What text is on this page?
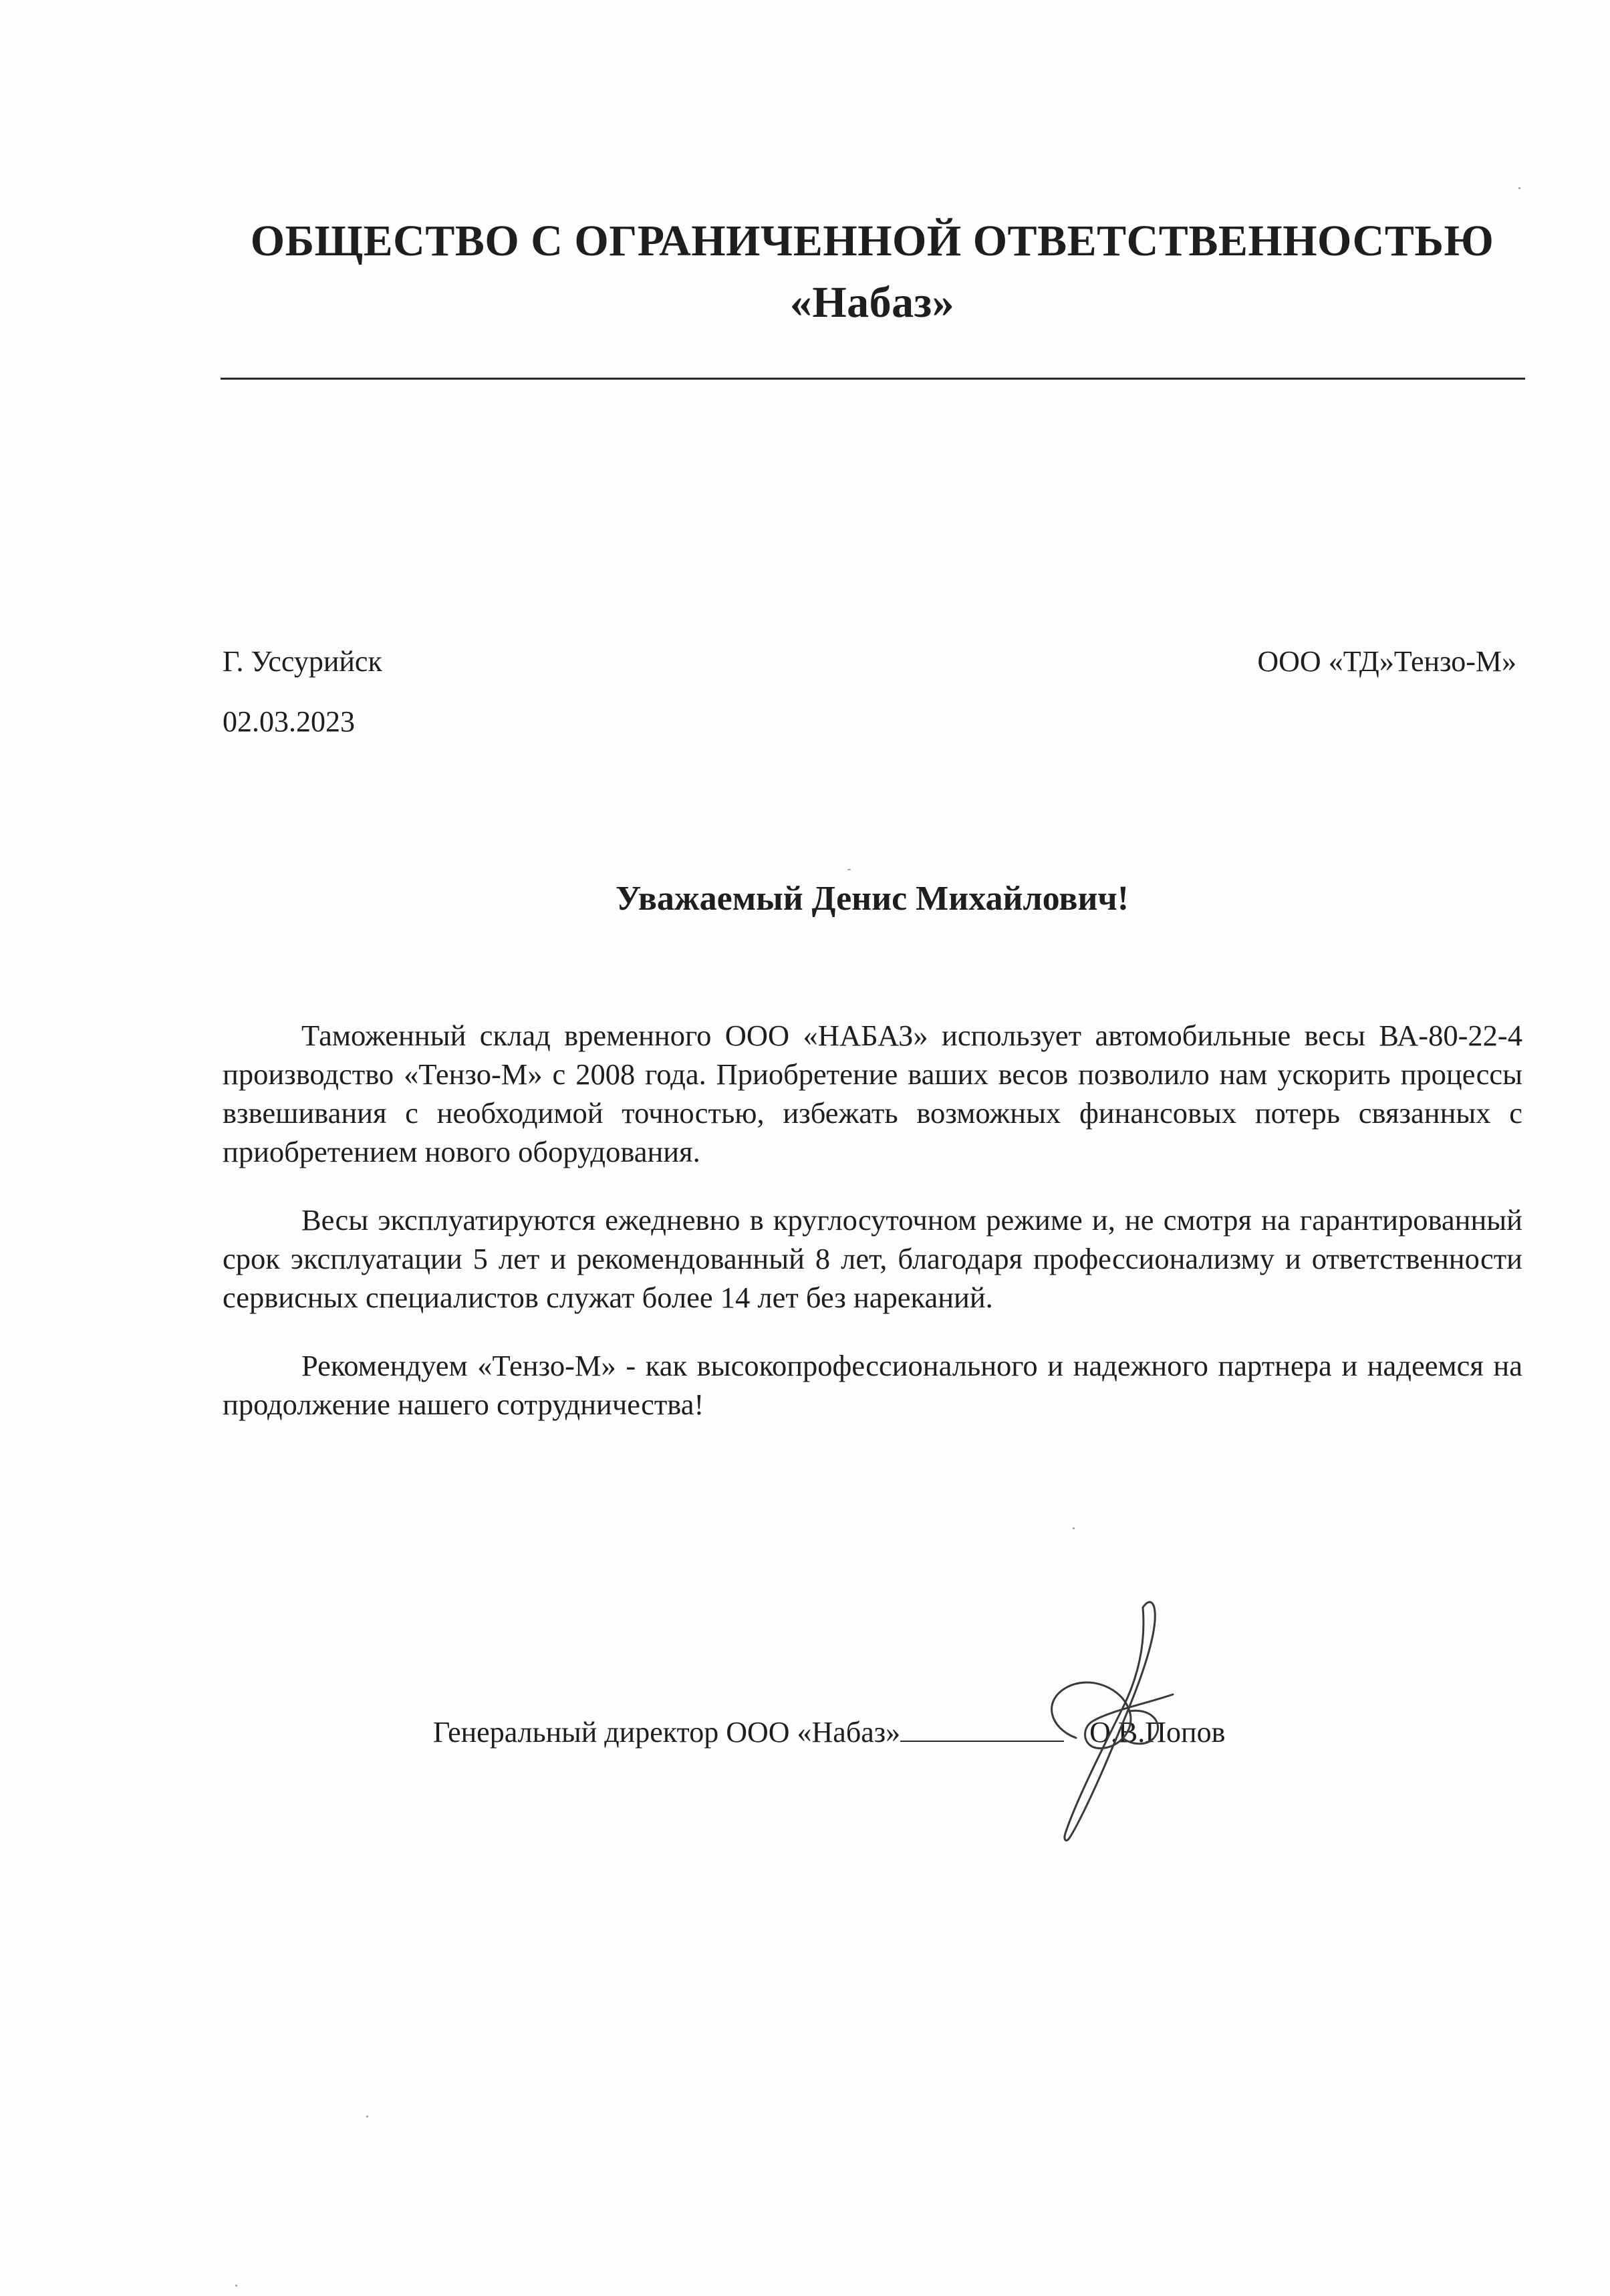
ОБЩЕСТВО С ОГРАНИЧЕННОЙ ОТВЕТСТВЕННОСТЬЮ
«Набаз»
Г. Уссурийск
02.03.2023
ООО «ТД»Тензо-М»
Уважаемый Денис Михайлович!

Таможенный склад временного ООО «НАБАЗ» использует автомобильные весы ВА-80-22-4 производство «Тензо-М» с 2008 года. Приобретение ваших весов позволило нам ускорить процессы взвешивания с необходимой точностью, избежать возможных финансовых потерь связанных с приобретением нового оборудования.

Весы эксплуатируются ежедневно в круглосуточном режиме и, не смотря на гарантированный срок эксплуатации 5 лет и рекомендованный 8 лет, благодаря профессионализму и ответственности сервисных специалистов служат более 14 лет без нареканий.

Рекомендуем «Тензо-М» - как высокопрофессионального и надежного партнера и надеемся на продолжение нашего сотрудничества!

Генеральный директор ООО «Набаз»	О.В.Попов
